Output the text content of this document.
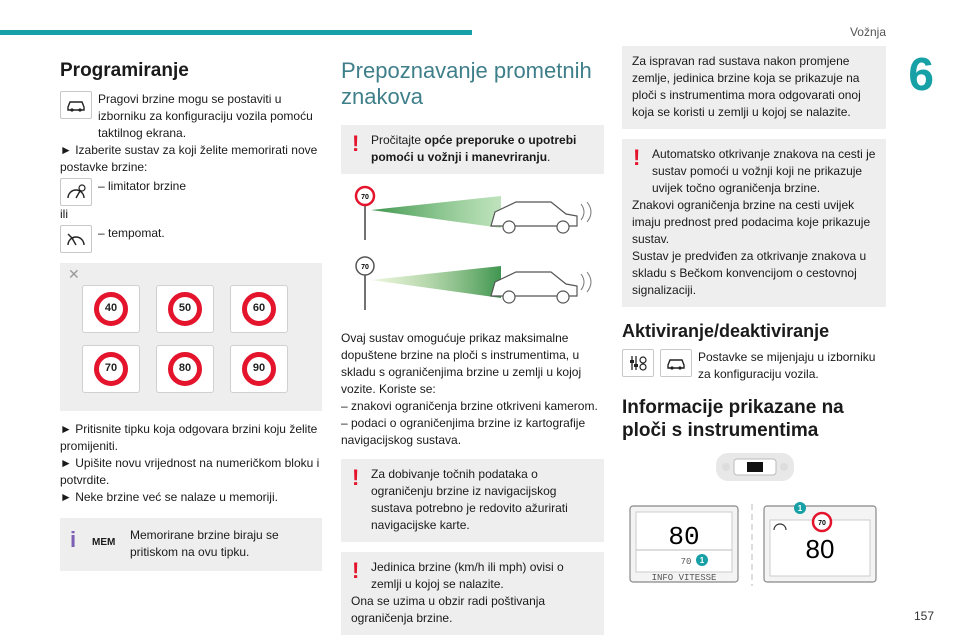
Vožnja
6
157
Programiranje

Pragovi brzine mogu se postaviti u izborniku za konfiguraciju vozila pomoću taktilnog ekrana.

► Izaberite sustav za koji želite memorirati nove postavke brzine:

– limitator brzine

ili

– tempomat.

✕
40	50	60
70	80	90

► Pritisnite tipku koja odgovara brzini koju želite promijeniti.

► Upišite novu vrijednost na numeričkom bloku i potvrdite.

► Neke brzine već se nalaze u memoriji.

i	MEM

Memorirane brzine biraju se pritiskom na ovu tipku.

Prepoznavanje prometnih znakova
! Pročitajte opće preporuke o upotrebi pomoći u vožnji i manevriranju.

70
70

Ovaj sustav omogućuje prikaz maksimalne dopuštene brzine na ploči s instrumentima, u skladu s ograničenjima brzine u zemlji u kojoj vozite. Koriste se:

– znakovi ograničenja brzine otkriveni kamerom.

– podaci o ograničenjima brzine iz kartografije navigacijskog sustava.

! Za dobivanje točnih podataka o ograničenju brzine iz navigacijskog sustava potrebno je redovito ažurirati navigacijske karte.

! Jedinica brzine (km/h ili mph) ovisi o zemlji u kojoj se nalazite.

Ona se uzima u obzir radi poštivanja ograničenja brzine.

Za ispravan rad sustava nakon promjene zemlje, jedinica brzine koja se prikazuje na ploči s instrumentima mora odgovarati onoj koja se koristi u zemlji u kojoj se nalazite.

! Automatsko otkrivanje znakova na cesti je sustav pomoći u vožnji koji ne prikazuje uvijek točno ograničenja brzine.

Znakovi ograničenja brzine na cesti uvijek imaju prednost pred podacima koje prikazuje sustav.

Sustav je predviđen za otkrivanje znakova u skladu s Bečkom konvencijom o cestovnoj signalizaciji.

Aktiviranje/deaktiviranje

Postavke se mijenjaju u izborniku za konfiguraciju vozila.

Informacije prikazane na ploči s instrumentima
80
70
INFO VITESSE
1
70
80
1
